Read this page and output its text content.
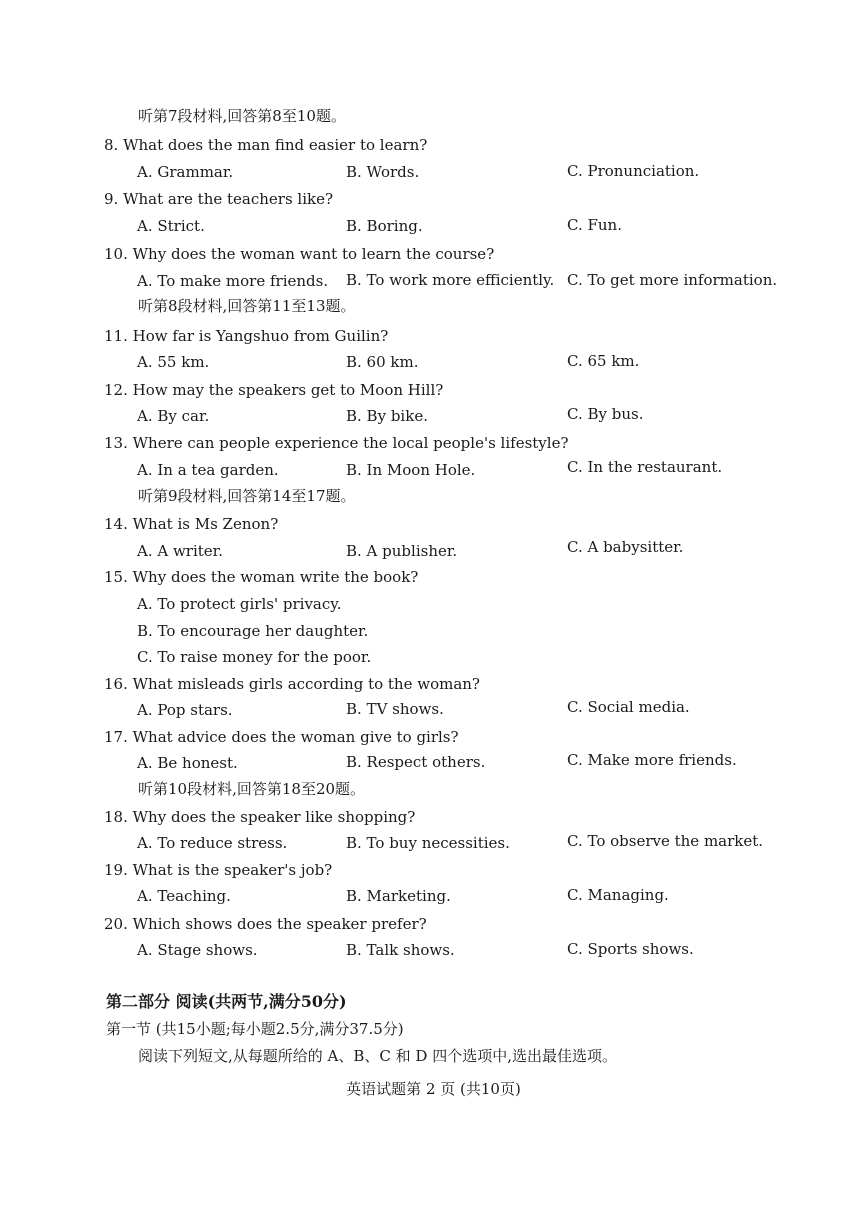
听第7段材料,回答第8至10题。
8. What does the man find easier to learn?
A. Grammar.	B. Words.	C. Pronunciation.
9. What are the teachers like?
A. Strict.	B. Boring.	C. Fun.
10. Why does the woman want to learn the course?
A. To make more friends. B. To work more efficiently. C. To get more information.
听第8段材料,回答第11至13题。
11. How far is Yangshuo from Guilin?
A. 55 km.	B. 60 km.	C. 65 km.
12. How may the speakers get to Moon Hill?
A. By car.	B. By bike.	C. By bus.
13. Where can people experience the local people's lifestyle?
A. In a tea garden.	B. In Moon Hole.	C. In the restaurant.
听第9段材料,回答第14至17题。
14. What is Ms Zenon?
A. A writer.	B. A publisher.	C. A babysitter.
15. Why does the woman write the book?
A. To protect girls' privacy.
B. To encourage her daughter.
C. To raise money for the poor.
16. What misleads girls according to the woman?
A. Pop stars.	B. TV shows.	C. Social media.
17. What advice does the woman give to girls?
A. Be honest.	B. Respect others.	C. Make more friends.
听第10段材料,回答第18至20题。
18. Why does the speaker like shopping?
A. To reduce stress.	B. To buy necessities.	C. To observe the market.
19. What is the speaker's job?
A. Teaching.	B. Marketing.	C. Managing.
20. Which shows does the speaker prefer?
A. Stage shows.	B. Talk shows.	C. Sports shows.
第二部分 阅读(共两节,满分50分)
第一节 (共15小题;每小题2.5分,满分37.5分)
阅读下列短文,从每题所给的 A、B、C 和 D 四个选项中,选出最佳选项。
英语试题第 2 页 (共10页)
